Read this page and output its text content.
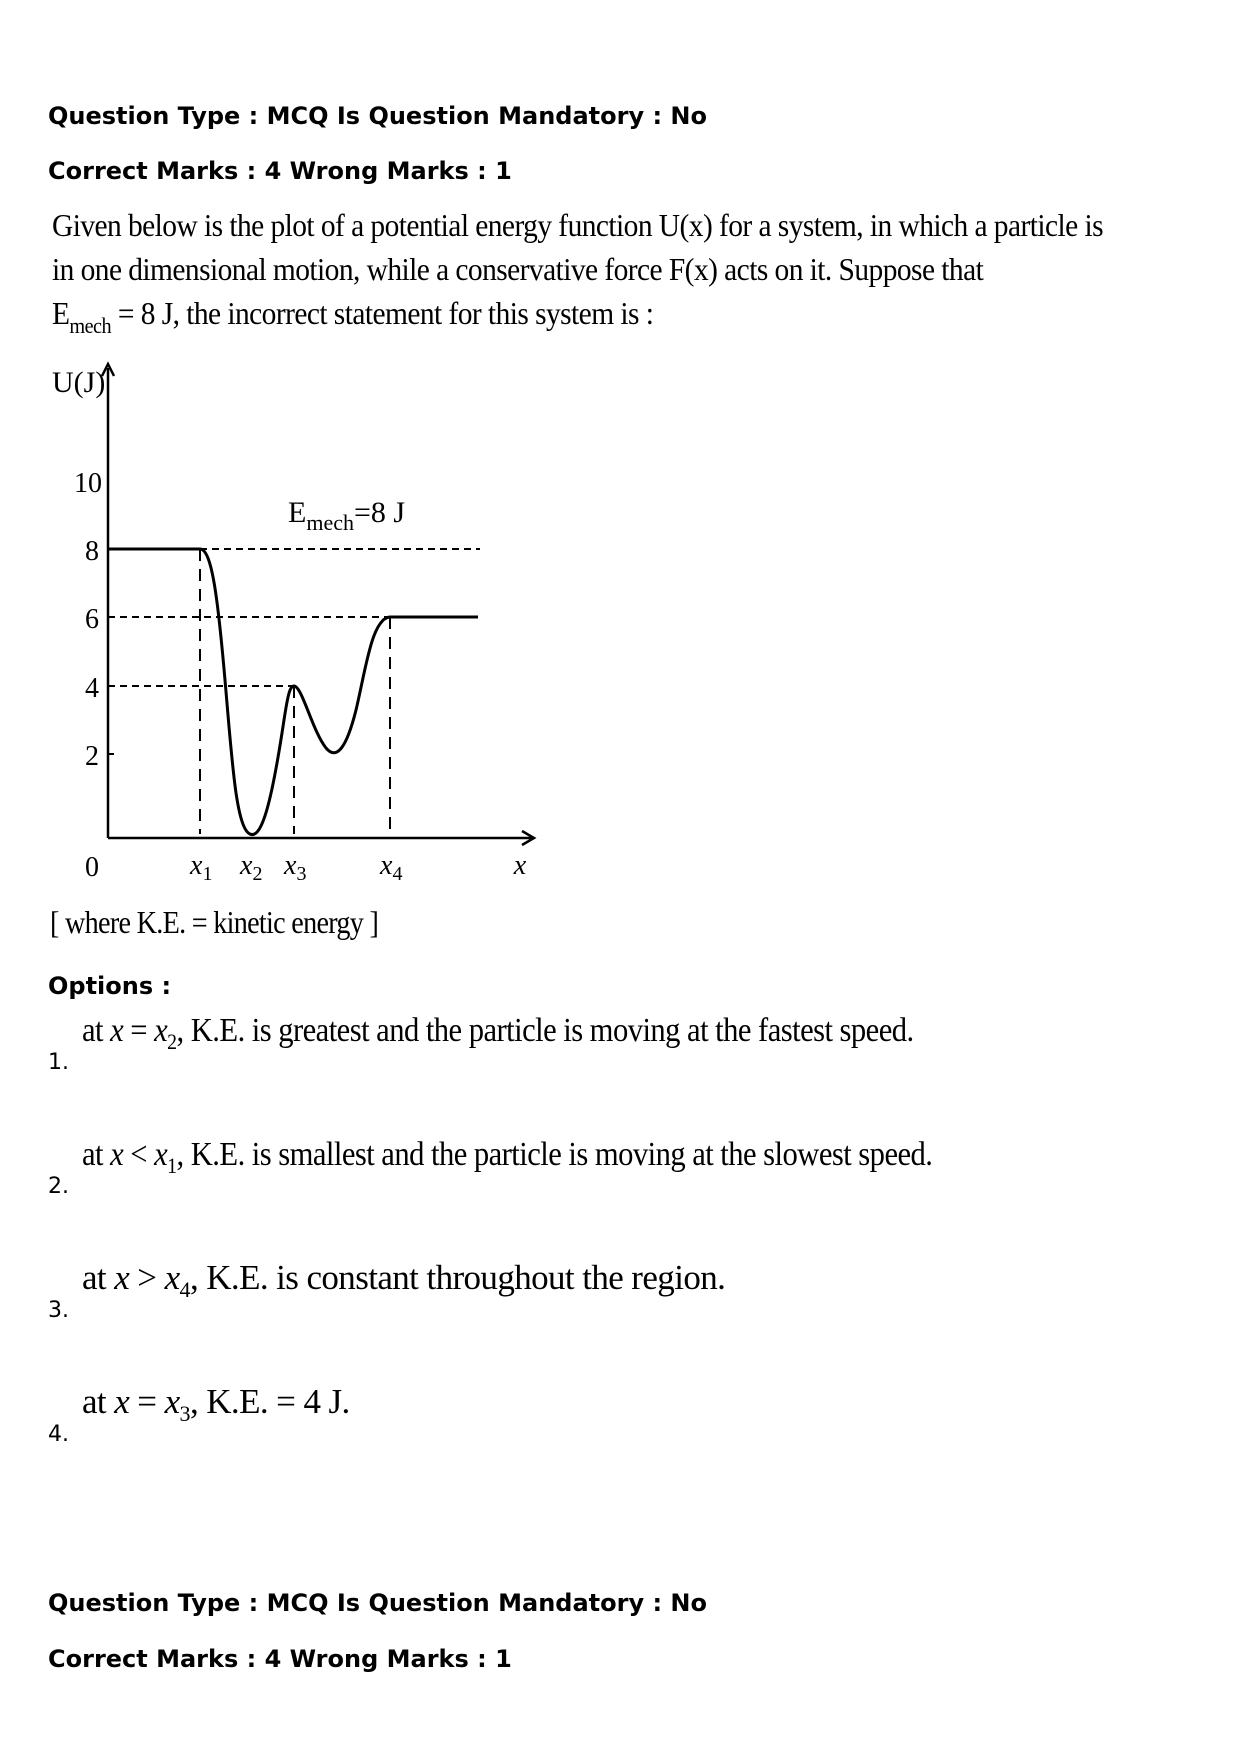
Question Type : MCQ Is Question Mandatory : No
Correct Marks : 4 Wrong Marks : 1

Given below is the plot of a potential energy function U(x) for a system, in which a particle is

in one dimensional motion, while a conservative force F(x) acts on it. Suppose that

$E_{mech} = 8$ J, the incorrect statement for this system is :

10
8
6
4
2
0
U(J)
$E_{mech}=8$ J
$x_1$ $x_2$ $x_3$	$x_4$	x
[ where K.E. = kinetic energy ]
Options :
1.
at $x = x_2$, K.E. is greatest and the particle is moving at the fastest speed.
2.
at $x < x_1$, K.E. is smallest and the particle is moving at the slowest speed.
3.
at $x > x_4$, K.E. is constant throughout the region.
4.
at $x = x_3$, K.E. = 4 J.
Question Type : MCQ Is Question Mandatory : No
Correct Marks : 4 Wrong Marks : 1
